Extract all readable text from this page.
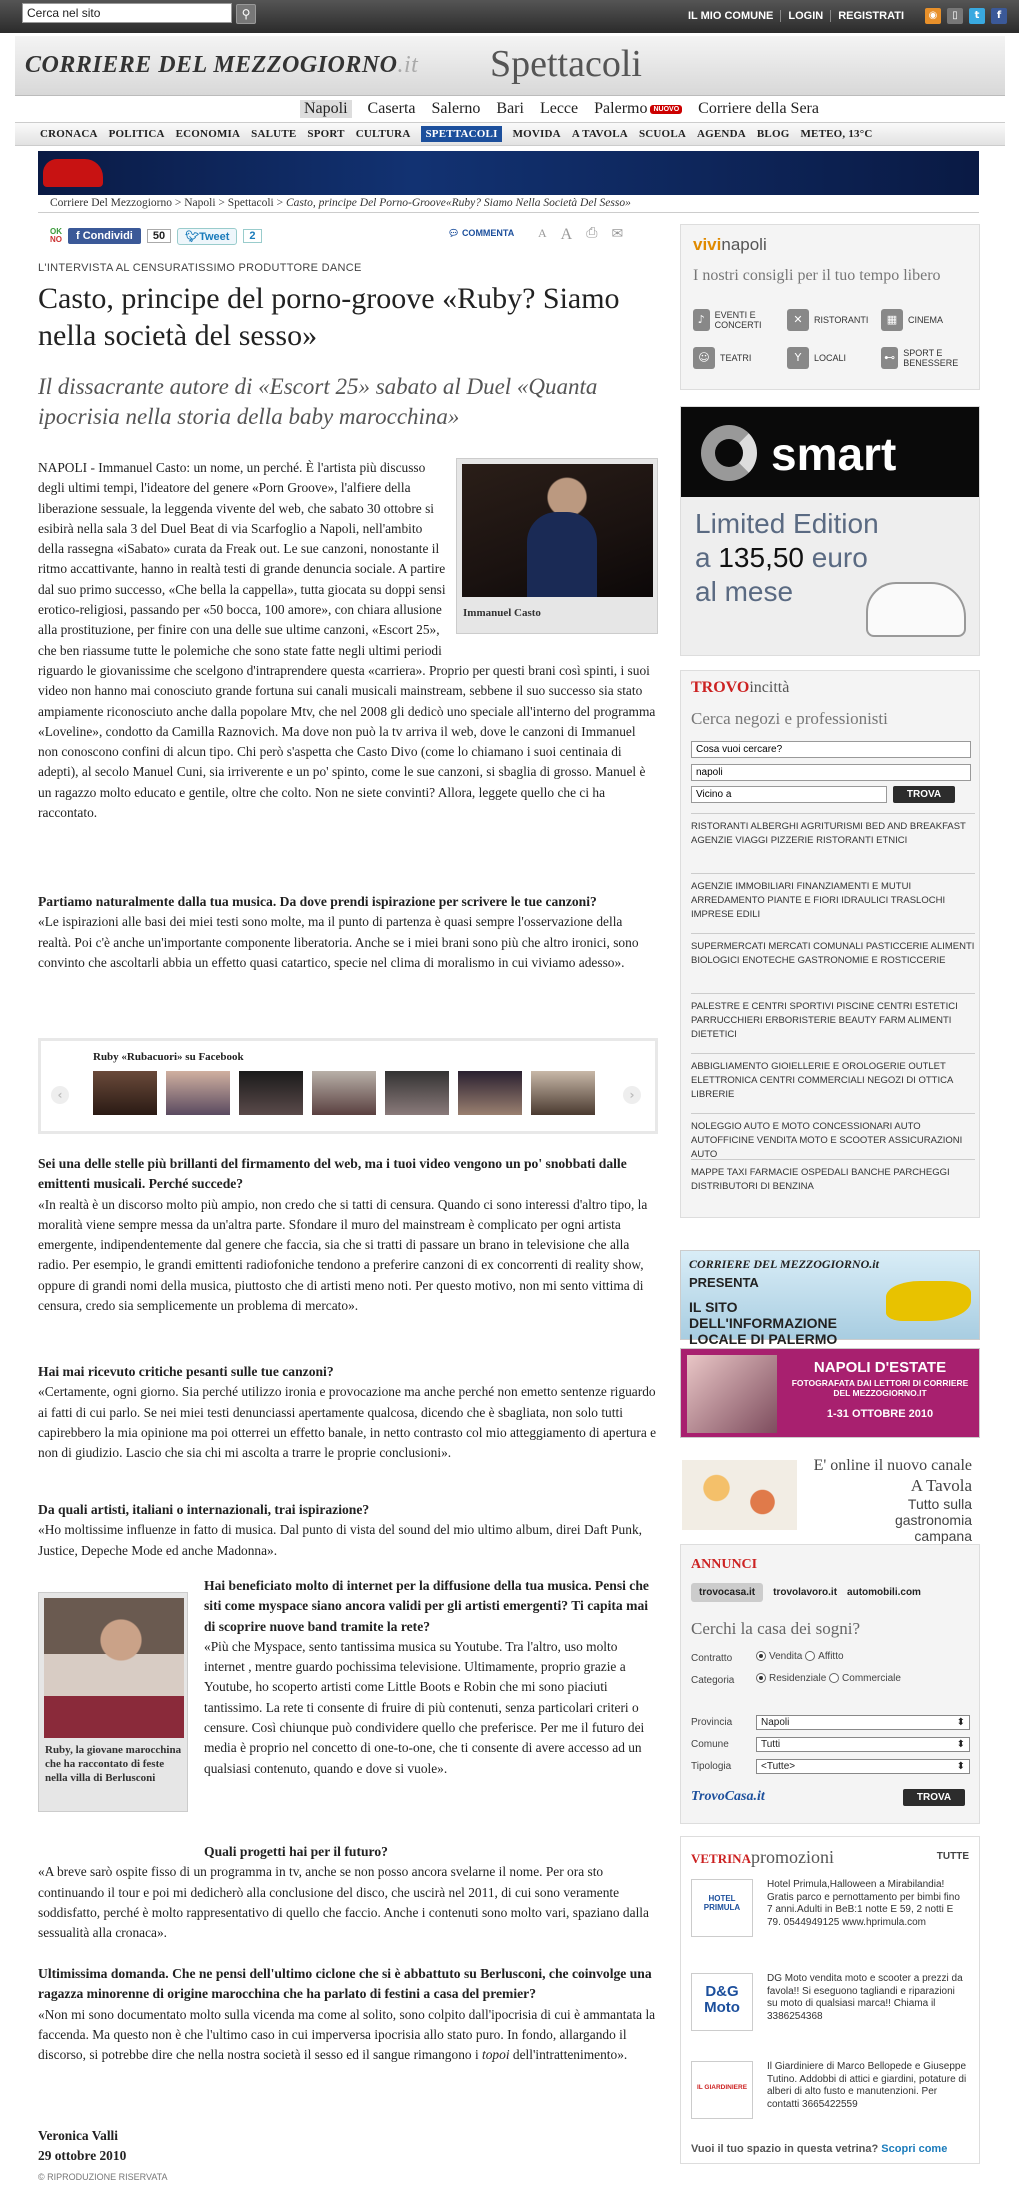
Cerca nel sito
⚲	IL MIO COMUNE	LOGIN	REGISTRATI	◉	▯	t	f
CORRIERE DEL MEZZOGIORNO.it Spettacoli
Napoli Caserta Salerno Bari Lecce Palermo NUOVO Corriere della Sera
CRONACA POLITICA ECONOMIA SALUTE SPORT CULTURA	SPETTACOLI	MOVIDA A TAVOLA SCUOLA AGENDA BLOG METEO, 13°C
Corriere Del Mezzogiorno > Napoli > Spettacoli > Casto, principe Del Porno-Groove«Ruby? Siamo Nella Società Del Sesso»
OK
NO	f Condividi	50	🐦︎Tweet	2	💬︎ COMMENTA A A ⎙ ✉
L'INTERVISTA AL CENSURATISSIMO PRODUTTORE DANCE
Casto, principe del porno-groove «Ruby? Siamo nella società del sesso»
Il dissacrante autore di «Escort 25» sabato al Duel «Quanta ipocrisia nella storia della baby marocchina»
Immanuel Casto

NAPOLI - Immanuel Casto: un nome, un perché. È l'artista più discusso degli ultimi tempi, l'ideatore del genere «Porn Groove», l'alfiere della liberazione sessuale, la leggenda vivente del web, che sabato 30 ottobre si esibirà nella sala 3 del Duel Beat di via Scarfoglio a Napoli, nell'ambito della rassegna «iSabato» curata da Freak out. Le sue canzoni, nonostante il ritmo accattivante, hanno in realtà testi di grande denuncia sociale. A partire dal suo primo successo, «Che bella la cappella», tutta giocata su doppi sensi erotico-religiosi, passando per «50 bocca, 100 amore», con chiara allusione alla prostituzione, per finire con una delle sue ultime canzoni, «Escort 25», che ben riassume tutte le polemiche che sono state fatte negli ultimi periodi riguardo le giovanissime che scelgono d'intraprendere questa «carriera». Proprio per questi brani così spinti, i suoi video non hanno mai conosciuto grande fortuna sui canali musicali mainstream, sebbene il suo successo sia stato ampiamente riconosciuto anche dalla popolare Mtv, che nel 2008 gli dedicò uno speciale all'interno del programma «Loveline», condotto da Camilla Raznovich. Ma dove non può la tv arriva il web, dove le canzoni di Immanuel non conoscono confini di alcun tipo. Chi però s'aspetta che Casto Divo (come lo chiamano i suoi centinaia di adepti), al secolo Manuel Cuni, sia irriverente e un po' spinto, come le sue canzoni, si sbaglia di grosso. Manuel è un ragazzo molto educato e gentile, oltre che colto. Non ne siete convinti? Allora, leggete quello che ci ha raccontato.

Partiamo naturalmente dalla tua musica. Da dove prendi ispirazione per scrivere le tue canzoni?
«Le ispirazioni alle basi dei miei testi sono molte, ma il punto di partenza è quasi sempre l'osservazione della realtà. Poi c'è anche un'importante componente liberatoria. Anche se i miei brani sono più che altro ironici, sono convinto che ascoltarli abbia un effetto quasi catartico, specie nel clima di moralismo in cui viviamo adesso».
Ruby «Rubacuori» su Facebook
‹	›
Sei una delle stelle più brillanti del firmamento del web, ma i tuoi video vengono un po' snobbati dalle emittenti musicali. Perché succede?
«In realtà è un discorso molto più ampio, non credo che si tatti di censura. Quando ci sono interessi d'altro tipo, la moralità viene sempre messa da un'altra parte. Sfondare il muro del mainstream è complicato per ogni artista emergente, indipendentemente dal genere che faccia, sia che si tratti di passare un brano in televisione che alla radio. Per esempio, le grandi emittenti radiofoniche tendono a preferire canzoni di ex concorrenti di reality show, oppure di grandi nomi della musica, piuttosto che di artisti meno noti. Per questo motivo, non mi sento vittima di censura, credo sia semplicemente un problema di mercato».
Hai mai ricevuto critiche pesanti sulle tue canzoni?
«Certamente, ogni giorno. Sia perché utilizzo ironia e provocazione ma anche perché non emetto sentenze riguardo ai fatti di cui parlo. Se nei miei testi denunciassi apertamente qualcosa, dicendo che è sbagliata, non solo tutti capirebbero la mia opinione ma poi otterrei un effetto banale, in netto contrasto col mio atteggiamento di apertura e non di giudizio. Lascio che sia chi mi ascolta a trarre le proprie conclusioni».
Da quali artisti, italiani o internazionali, trai ispirazione?
«Ho moltissime influenze in fatto di musica. Dal punto di vista del sound del mio ultimo album, direi Daft Punk, Justice, Depeche Mode ed anche Madonna».
Ruby, la giovane marocchina che ha raccontato di feste nella villa di Berlusconi
Hai beneficiato molto di internet per la diffusione della tua musica. Pensi che siti come myspace siano ancora validi per gli artisti emergenti? Ti capita mai di scoprire nuove band tramite la rete?
«Più che Myspace, sento tantissima musica su Youtube. Tra l'altro, uso molto internet , mentre guardo pochissima televisione. Ultimamente, proprio grazie a Youtube, ho scoperto artisti come Little Boots e Robin che mi sono piaciuti tantissimo. La rete ti consente di fruire di più contenuti, senza particolari criteri o censure. Così chiunque può condividere quello che preferisce. Per me il futuro dei media è proprio nel concetto di one-to-one, che ti consente di avere accesso ad un qualsiasi contenuto, quando e dove si vuole».
Quali progetti hai per il futuro?
«A breve sarò ospite fisso di un programma in tv, anche se non posso ancora svelarne il nome. Per ora sto continuando il tour e poi mi dedicherò alla conclusione del disco, che uscirà nel 2011, di cui sono veramente soddisfatto, perché è molto rappresentativo di quello che faccio. Anche i contenuti sono molto vari, spaziano dalla sessualità alla cronaca».
Ultimissima domanda. Che ne pensi dell'ultimo ciclone che si è abbattuto su Berlusconi, che coinvolge una ragazza minorenne di origine marocchina che ha parlato di festini a casa del premier?
«Non mi sono documentato molto sulla vicenda ma come al solito, sono colpito dall'ipocrisia di cui è ammantata la faccenda. Ma questo non è che l'ultimo caso in cui imperversa ipocrisia allo stato puro. In fondo, allargando il discorso, si potrebbe dire che nella nostra società il sesso ed il sangue rimangono i topoi dell'intrattenimento».
Veronica Valli
29 ottobre 2010
© RIPRODUZIONE RISERVATA
vivinapoli
I nostri consigli per il tuo tempo libero
♪	EVENTI E CONCERTI	✕	RISTORANTI	▦	CINEMA
☺	TEATRI	Y	LOCALI	⊷ SPORT E BENESSERE
smart
Limited Edition
a 135,50 euro
al mese
TROVOincittà
Cerca negozi e professionisti
Cosa vuoi cercare?
napoli
Vicino a
TROVA
RISTORANTI ALBERGHI AGRITURISMI BED AND BREAKFAST AGENZIE VIAGGI PIZZERIE RISTORANTI ETNICI
AGENZIE IMMOBILIARI FINANZIAMENTI E MUTUI ARREDAMENTO PIANTE E FIORI IDRAULICI TRASLOCHI IMPRESE EDILI
SUPERMERCATI MERCATI COMUNALI PASTICCERIE ALIMENTI BIOLOGICI ENOTECHE GASTRONOMIE E ROSTICCERIE
PALESTRE E CENTRI SPORTIVI PISCINE CENTRI ESTETICI PARRUCCHIERI ERBORISTERIE BEAUTY FARM ALIMENTI DIETETICI
ABBIGLIAMENTO GIOIELLERIE E OROLOGERIE OUTLET ELETTRONICA CENTRI COMMERCIALI NEGOZI DI OTTICA LIBRERIE
NOLEGGIO AUTO E MOTO CONCESSIONARI AUTO AUTOFFICINE VENDITA MOTO E SCOOTER ASSICURAZIONI AUTO
MAPPE TAXI FARMACIE OSPEDALI BANCHE PARCHEGGI DISTRIBUTORI DI BENZINA
CORRIERE DEL MEZZOGIORNO.it
PRESENTA
IL SITO DELL'INFORMAZIONE LOCALE DI PALERMO
NAPOLI D'ESTATE
FOTOGRAFATA DAI LETTORI DI CORRIERE DEL MEZZOGIORNO.IT
1-31 OTTOBRE 2010
E' online il nuovo canale
A Tavola
Tutto sulla gastronomia campana
ANNUNCI
trovocasa.it	trovolavoro.it automobili.com
Cerchi la casa dei sogni?
Contratto	Vendita Affitto
Categoria	Residenziale Commerciale
Provincia	Napoli	⬍
Comune	Tutti	⬍
Tipologia	<Tutte>	⬍
TrovoCasa.it	TROVA
VETRINApromozioni	TUTTE
HOTEL PRIMULA
Hotel Primula,Halloween a Mirabilandia! Gratis parco e pernottamento per bimbi fino 7 anni.Adulti in BeB:1 notte E 59, 2 notti E 79. 0544949125 www.hprimula.com
D&G Moto
DG Moto vendita moto e scooter a prezzi da favola!! Si eseguono tagliandi e riparazioni su moto di qualsiasi marca!! Chiama il 3386254368
IL GIARDINIERE
Il Giardiniere di Marco Bellopede e Giuseppe Tutino. Addobbi di attici e giardini, potature di alberi di alto fusto e manutenzioni. Per contatti 3665422559
Vuoi il tuo spazio in questa vetrina? Scopri come
